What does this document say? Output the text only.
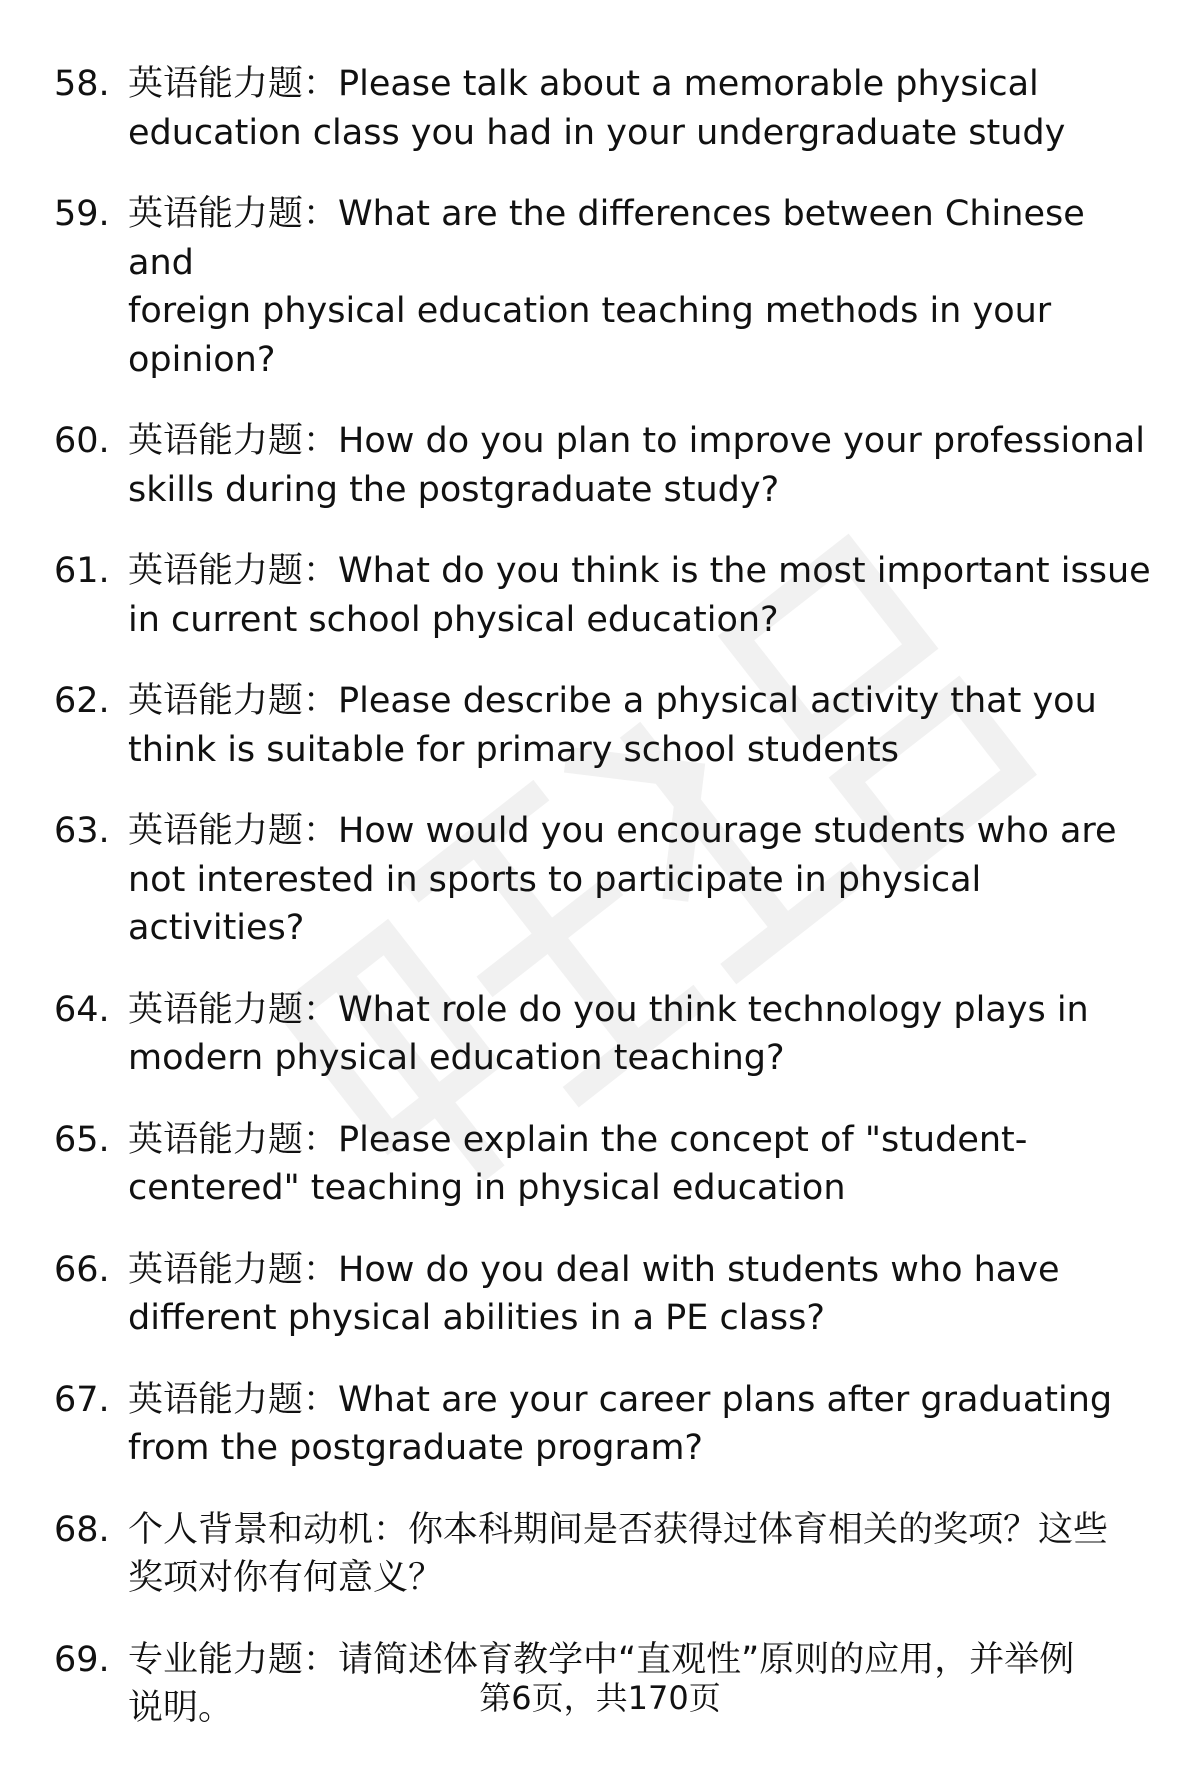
58. 英语能力题：Please talk about a memorable physical
education class you had in your undergraduate study
59. 英语能力题：What are the differences between Chinese and
foreign physical education teaching methods in your
opinion?
60. 英语能力题：How do you plan to improve your professional
skills during the postgraduate study?
61. 英语能力题：What do you think is the most important issue
in current school physical education?
62. 英语能力题：Please describe a physical activity that you
think is suitable for primary school students
63. 英语能力题：How would you encourage students who are
not interested in sports to participate in physical activities?
64. 英语能力题：What role do you think technology plays in
modern physical education teaching?
65. 英语能力题：Please explain the concept of "student-
centered" teaching in physical education
66. 英语能力题：How do you deal with students who have
different physical abilities in a PE class?
67. 英语能力题：What are your career plans after graduating
from the postgraduate program?
68. 个人背景和动机：你本科期间是否获得过体育相关的奖项？这些
奖项对你有何意义？
69. 专业能力题：请简述体育教学中“直观性”原则的应用，并举例
说明。	第6页，共170页
